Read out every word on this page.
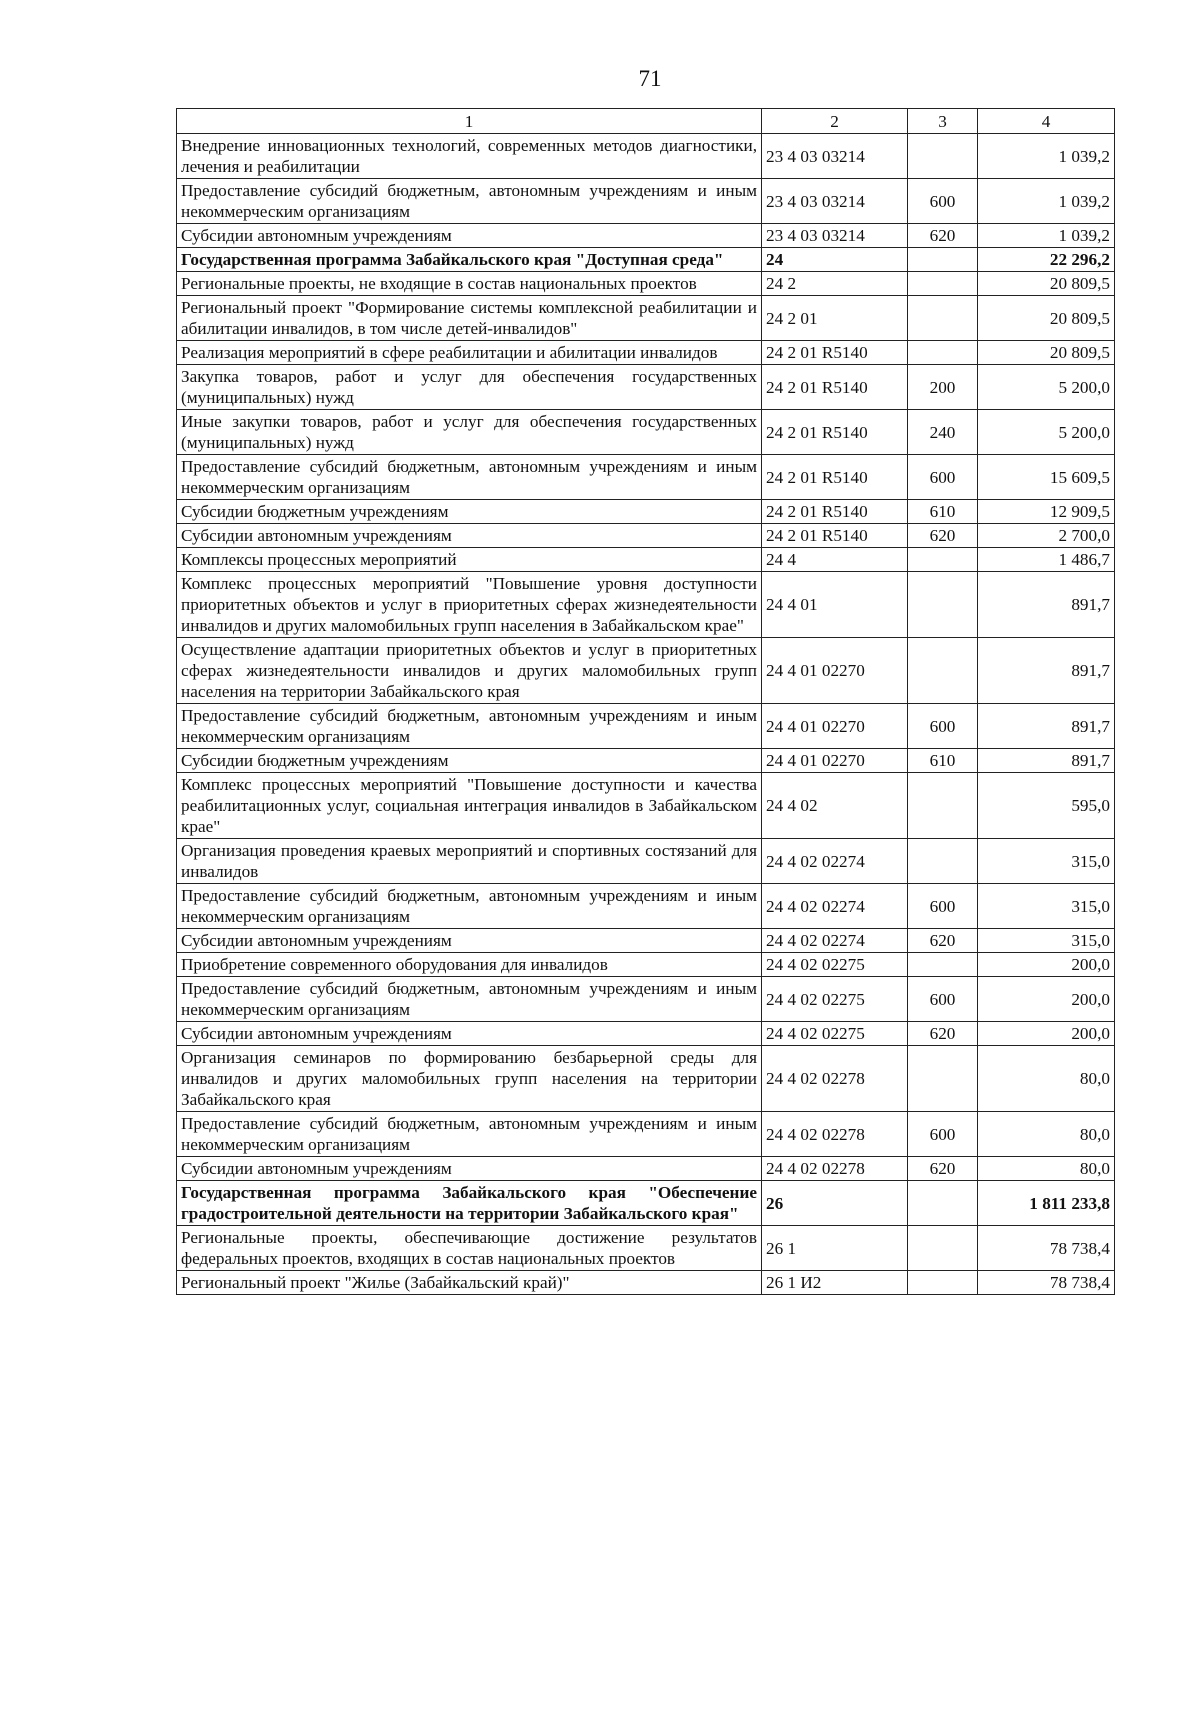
71
1	2	3	4
Внедрение инновационных технологий, современных методов диагностики, лечения и реабилитации	23 4 03 03214		1 039,2
Предоставление субсидий бюджетным, автономным учреждениям и иным некоммерческим организациям	23 4 03 03214	600	1 039,2
Субсидии автономным учреждениям	23 4 03 03214	620	1 039,2
Государственная программа Забайкальского края "Доступная среда"	24		22 296,2
Региональные проекты, не входящие в состав национальных проектов	24 2		20 809,5
Региональный проект "Формирование системы комплексной реабилитации и абилитации инвалидов, в том числе детей-инвалидов"	24 2 01		20 809,5
Реализация мероприятий в сфере реабилитации и абилитации инвалидов	24 2 01 R5140		20 809,5
Закупка товаров, работ и услуг для обеспечения государственных (муниципальных) нужд	24 2 01 R5140	200	5 200,0
Иные закупки товаров, работ и услуг для обеспечения государственных (муниципальных) нужд	24 2 01 R5140	240	5 200,0
Предоставление субсидий бюджетным, автономным учреждениям и иным некоммерческим организациям	24 2 01 R5140	600	15 609,5
Субсидии бюджетным учреждениям	24 2 01 R5140	610	12 909,5
Субсидии автономным учреждениям	24 2 01 R5140	620	2 700,0
Комплексы процессных мероприятий	24 4		1 486,7
Комплекс процессных мероприятий "Повышение уровня доступности приоритетных объектов и услуг в приоритетных сферах жизнедеятельности инвалидов и других маломобильных групп населения в Забайкальском крае"	24 4 01		891,7
Осуществление адаптации приоритетных объектов и услуг в приоритетных сферах жизнедеятельности инвалидов и других маломобильных групп населения на территории Забайкальского края	24 4 01 02270		891,7
Предоставление субсидий бюджетным, автономным учреждениям и иным некоммерческим организациям	24 4 01 02270	600	891,7
Субсидии бюджетным учреждениям	24 4 01 02270	610	891,7
Комплекс процессных мероприятий "Повышение доступности и качества реабилитационных услуг, социальная интеграция инвалидов в Забайкальском крае"	24 4 02		595,0
Организация проведения краевых мероприятий и спортивных состязаний для инвалидов	24 4 02 02274		315,0
Предоставление субсидий бюджетным, автономным учреждениям и иным некоммерческим организациям	24 4 02 02274	600	315,0
Субсидии автономным учреждениям	24 4 02 02274	620	315,0
Приобретение современного оборудования для инвалидов	24 4 02 02275		200,0
Предоставление субсидий бюджетным, автономным учреждениям и иным некоммерческим организациям	24 4 02 02275	600	200,0
Субсидии автономным учреждениям	24 4 02 02275	620	200,0
Организация семинаров по формированию безбарьерной среды для инвалидов и других маломобильных групп населения на территории Забайкальского края	24 4 02 02278		80,0
Предоставление субсидий бюджетным, автономным учреждениям и иным некоммерческим организациям	24 4 02 02278	600	80,0
Субсидии автономным учреждениям	24 4 02 02278	620	80,0
Государственная программа Забайкальского края "Обеспечение градостроительной деятельности на территории Забайкальского края"	26		1 811 233,8
Региональные проекты, обеспечивающие достижение результатов федеральных проектов, входящих в состав национальных проектов	26 1		78 738,4
Региональный проект "Жилье (Забайкальский край)"	26 1 И2		78 738,4
